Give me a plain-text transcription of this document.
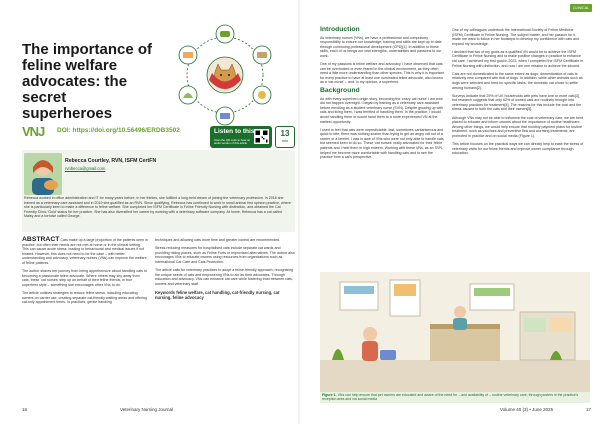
The importance of feline welfare advocates: the secret superheroes
VNJ DOI: https://doi.org/10.56496/ERDB3502	Listen to this
Scan the QR code to hear an audio version of this article
13
min
Rebecca Courtley, RVN, ISFM CertFN
rvnbecca@gmail.com
Rebecca worked in office administration and IT for many years before, in her thirties, she fulfilled a long-held dream of joining the veterinary profession. In 2016 she trained as a veterinary care assistant and in 2019 she qualified as an RVN. Since qualifying, Rebecca has continued to work in small animal first opinion practice, where she is particularly keen to make a difference to feline welfare. She completed her ISFM Certificate in Feline Friendly Nursing with distinction, and obtained the Cat Friendly Clinic 'Gold' status for her practice. She has also diversified her career by working with a veterinary software company. At home, Rebecca has a cat called Maisy and a tortoise called George.

ABSTRACT Cats make up a large proportion of the patients seen in practice, but often their needs are not met at home or in the clinical setting. This can cause acute stress, leading to behavioural and medical issues if not treated. However, this does not need to be the case – with better understanding and advocacy, veterinary nurses (VNs) can improve the welfare of feline patients.

The author shares her journey from being apprehensive about handling cats to becoming a passionate feline advocate. Where others may shy away from cats, these 'cat nurses' step up on behalf of their feline friends, in true superhero style – something she encourages other VNs to do.

The article outlines strategies to reduce feline stress, including educating owners on carrier use, creating separate cat-friendly waiting areas and offering cat-only appointment times. In practices, gentle handling

techniques and allowing cats more time and greater control are recommended.

Stress-reducing measures for hospitalised cats include separate cat wards and providing hiding places, such as Feline Forts or improvised alternatives. The author also encourages VNs to educate owners using resources from organisations such as International Cat Care and Cats Protection.

The article calls for veterinary practices to adopt a feline-friendly approach, recognising the unique needs of cats and empowering VNs to act as their advocates. Through education and advocacy, VNs can enhance cat care while fostering trust between cats, owners and veterinary staff.

Keywords feline welfare, cat handling, cat-friendly nursing, cat nursing, feline advocacy

16	Veterinary Nursing Journal
CLINICAL
Introduction

As veterinary nurses (VNs), we have a professional and compulsory responsibility to ensure our knowledge, training and skills are kept up to date through continuing professional development (CPD)[1]. In addition to these skills, each of us brings our own strengths, uncertainties and passions to our work.

One of my passions is feline welfare and advocacy. I have observed that cats can be overlooked or even feared in the clinical environment, as they often need a little more understanding than other species. This is why it is important for every practice to have at least one nominated feline advocate, also known as a 'cat nurse' – and, in my opinion, a superhero.

Background

As with every superhero origin story, becoming the 'crazy cat nurse' I am now did not happen overnight. I began by training as a veterinary care assistant before enrolling as a student veterinary nurse (SVN). Despite growing up with cats and liking them, I was terrified of handling them. In the practice, I would avoid handling them or would hand them to a more experienced VN at the earliest opportunity.

I used to feel that cats were unpredictable, fast, sometimes cantankerous and quick to bite; there was nothing scarier than trying to get an angry cat out of a carrier or a kennel. I was in awe of VNs who were not only able to handle cats but seemed keen to do so. These 'cat nurses' really advocated for their feline patients and I held them in high esteem. Working with these VNs, as an SVN, helped me become more comfortable with handling cats and to see the practice from a cat's perspective.

One of my colleagues undertook the International Society of Feline Medicine (ISFM) Certificate in Feline Nursing. The subject matter, and her passion for it, made me want to follow in her footsteps to develop my confidence with cats and expand my knowledge.

I decided that two of my goals as a qualified VN would be to achieve the ISFM Certificate in Feline Nursing and to make positive changes in practice to enhance cat care. I achieved my first goal in 2023, when I completed the ISFM Certificate in Feline Nursing with distinction, and now I am one mission to achieve the second.

Cats are not domesticated to the same extent as dogs; domestication of cats is relatively new compared with that of dogs. In addition, while other animals such as dogs were selected and bred for specific tasks, the domestic cat chose to settle among humans[2].

Surveys indicate that 29% of UK households with pets have one or more cats[3], but research suggests that only 62% of owned cats are routinely brought into veterinary practices for treatment[4]. The reasons for this include the cost and the stress caused to both the cats and their owners[5].

Although VNs may not be able to influence the cost of veterinary care, we are best placed to educate and inform owners about the importance of routine healthcare. Among other things, we would help ensure that monthly payment plans for routine treatment, such as vaccines and preventive flea and worming treatments, are promoted in practice and on social media (Figure 1).

This article focuses on the practical ways we can directly help to ease the stress of veterinary visits for our feline friends and improve owner compliance through education.

Figure 1. VNs can help ensure that pet owners are educated and aware of the need for – and availability of – routine veterinary care, through posters in the practice's reception area and via social media
Volume 40 (3) • June 2025	17
